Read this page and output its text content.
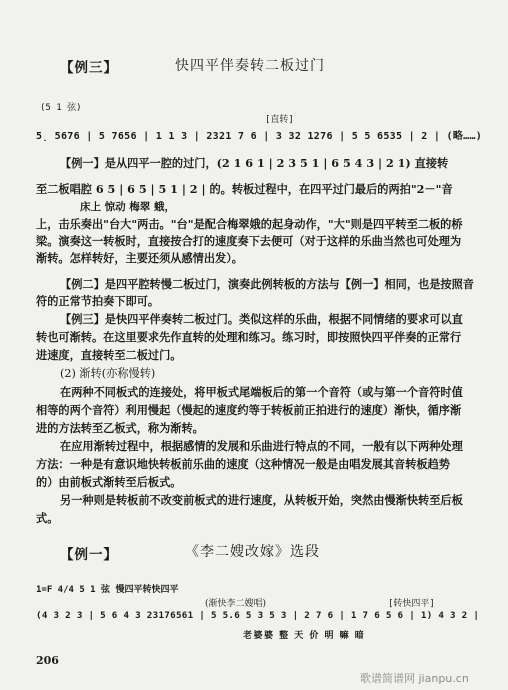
【例三】	快四平伴奏转二板过门
(5 1 弦)
[直转]
5̣ 5676 | 5 7656 | 1 1 3 | 2321 7 6 | 3 32 1276 | 5 5 6535 | 2 | (略……)
【例一】是从四平一腔的过门，(2 1 6 1 | 2 3 5 1 | 6 5 4 3 | 2 1) 直接转
至二板唱腔 6 5 | 6 5 | 5 1 | 2 | 的。转板过程中，在四平过门最后的两拍"2－"音
床上 惊动 梅翠 蛾，
上，击乐奏出"台大"两击。"台"是配合梅翠娥的起身动作，"大"则是四平转至二板的桥
梁。演奏这一转板时，直接按合打的速度奏下去便可（对于这样的乐曲当然也可处理为
渐转。怎样转好，主要还须从感情出发）。
【例二】是四平腔转慢二板过门，演奏此例转板的方法与【例一】相同，也是按照音
符的正常节拍奏下即可。
【例三】是快四平伴奏转二板过门。类似这样的乐曲，根据不同情绪的要求可以直
转也可渐转。在这里要求先作直转的处理和练习。练习时，即按照快四平伴奏的正常行
进速度，直接转至二板过门。
(2) 渐转(亦称慢转)
在两种不同板式的连接处，将甲板式尾端板后的第一个音符（或与第一个音符时值
相等的两个音符）利用慢起（慢起的速度约等于转板前正拍进行的速度）渐快，循序渐
进的方法转至乙板式，称为渐转。
在应用渐转过程中，根据感情的发展和乐曲进行特点的不同，一般有以下两种处理
方法：一种是有意识地快转板前乐曲的速度（这种情况一般是由唱发展其音转板趋势
的）由前板式渐转至后板式。
另一种则是转板前不改变前板式的进行速度，从转板开始，突然由慢渐快转至后板
式。
【例一】	《李二嫂改嫁》选段
1=F 4/4 5 1 弦 慢四平转快四平
(渐快李二嫂唱)	[转快四平]
(4 3 2 3 | 5 6 4 3 23176561 | 5 5.6 5 3 5 3 | 2 7 6 | 1 7 6 5 6 | 1) 4 3 2 |
老婆婆 整 天 价 明 嘛 暗
206
歌谱简谱网 jianpu.cn
